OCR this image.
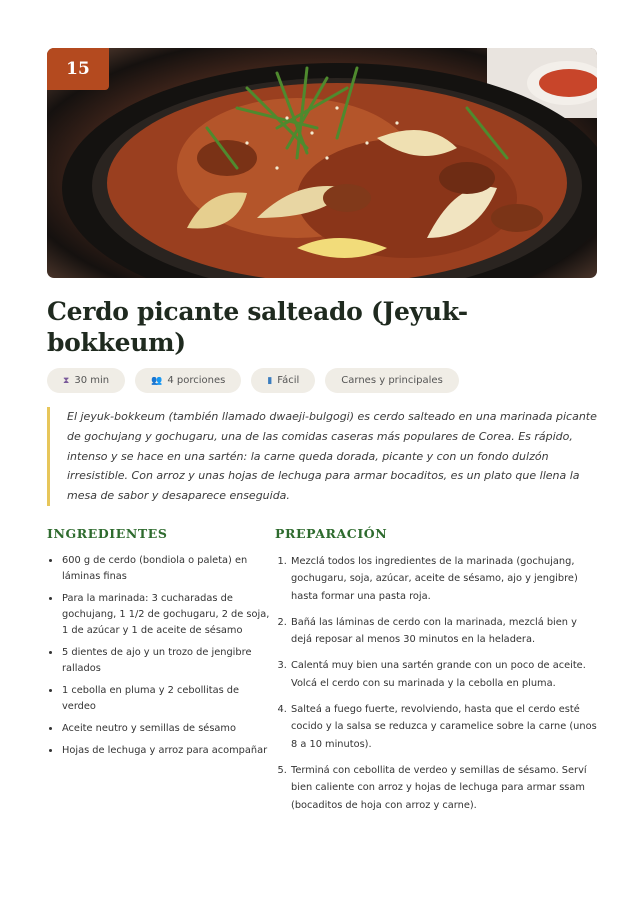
15
Cerdo picante salteado (Jeyuk-bokkeum)
⧗ 30 min	👥 4 porciones	▮ Fácil	Carnes y principales
El jeyuk-bokkeum (también llamado dwaeji-bulgogi) es cerdo salteado en una marinada picante de gochujang y gochugaru, una de las comidas caseras más populares de Corea. Es rápido, intenso y se hace en una sartén: la carne queda dorada, picante y con un fondo dulzón irresistible. Con arroz y unas hojas de lechuga para armar bocaditos, es un plato que llena la mesa de sabor y desaparece enseguida.
INGREDIENTES
• 600 g de cerdo (bondiola o paleta) en láminas finas
• Para la marinada: 3 cucharadas de gochujang, 1 1/2 de gochugaru, 2 de soja, 1 de azúcar y 1 de aceite de sésamo
• 5 dientes de ajo y un trozo de jengibre rallados
• 1 cebolla en pluma y 2 cebollitas de verdeo
• Aceite neutro y semillas de sésamo
• Hojas de lechuga y arroz para acompañar
PREPARACIÓN
1. Mezclá todos los ingredientes de la marinada (gochujang, gochugaru, soja, azúcar, aceite de sésamo, ajo y jengibre) hasta formar una pasta roja.
2. Bañá las láminas de cerdo con la marinada, mezclá bien y dejá reposar al menos 30 minutos en la heladera.
3. Calentá muy bien una sartén grande con un poco de aceite. Volcá el cerdo con su marinada y la cebolla en pluma.
4. Salteá a fuego fuerte, revolviendo, hasta que el cerdo esté cocido y la salsa se reduzca y caramelice sobre la carne (unos 8 a 10 minutos).
5. Terminá con cebollita de verdeo y semillas de sésamo. Serví bien caliente con arroz y hojas de lechuga para armar ssam (bocaditos de hoja con arroz y carne).
